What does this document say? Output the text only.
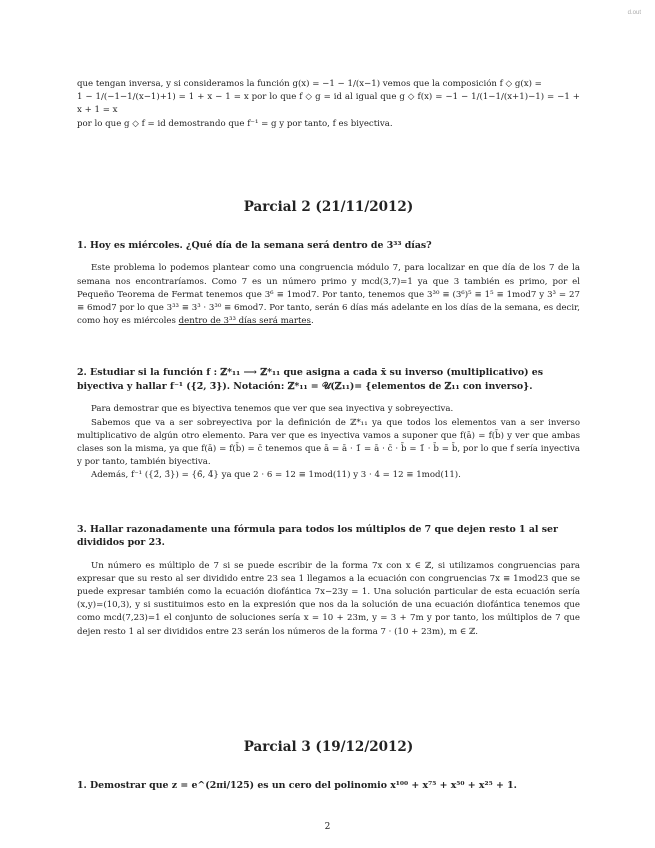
d.out

que tengan inversa, y si consideramos la función g(x) = −1 − 1/(x−1) vemos que la composición f ◇ g(x) =

1 − 1/(−1−1/(x−1)+1) = 1 + x − 1 = x por lo que f ◇ g = id al igual que g ◇ f(x) = −1 − 1/(1−1/(x+1)−1) = −1 + x + 1 = x

por lo que g ◇ f = id demostrando que f⁻¹ = g y por tanto, f es biyectiva.

Parcial 2 (21/11/2012)
1. Hoy es miércoles. ¿Qué día de la semana será dentro de 3³³ días?

Este problema lo podemos plantear como una congruencia módulo 7, para localizar en que día de los 7 de la semana nos encontraríamos. Como 7 es un número primo y mcd(3,7)=1 ya que 3 también es primo, por el Pequeño Teorema de Fermat tenemos que 3⁶ ≡ 1mod7. Por tanto, tenemos que 3³⁰ ≡ (3⁶)⁵ ≡ 1⁵ ≡ 1mod7 y 3³ = 27 ≡ 6mod7 por lo que 3³³ ≡ 3³ · 3³⁰ ≡ 6mod7. Por tanto, serán 6 días más adelante en los días de la semana, es decir, como hoy es miércoles dentro de 3³³ días será martes.

2. Estudiar si la función f : ℤ*₁₁ ⟶ ℤ*₁₁ que asigna a cada x̄ su inverso (multiplicativo) es biyectiva y hallar f⁻¹ ({2̄, 3̄}). Notación: ℤ*₁₁ = 𝒰(ℤ₁₁)= {elementos de ℤ₁₁ con inverso}.

Para demostrar que es biyectiva tenemos que ver que sea inyectiva y sobreyectiva.

Sabemos que va a ser sobreyectiva por la definición de ℤ*₁₁ ya que todos los elementos van a ser inverso multiplicativo de algún otro elemento. Para ver que es inyectiva vamos a suponer que f(ā) = f(b̄) y ver que ambas clases son la misma, ya que f(ā) = f(b̄) = c̄ tenemos que ā = ā · 1̄ = ā · c̄ · b̄ = 1̄ · b̄ = b̄, por lo que f sería inyectiva y por tanto, también biyectiva.

Además, f⁻¹ ({2̄, 3̄}) = {6̄, 4̄} ya que 2 · 6 = 12 ≡ 1mod(11) y 3 · 4 = 12 ≡ 1mod(11).

3. Hallar razonadamente una fórmula para todos los múltiplos de 7 que dejen resto 1 al ser divididos por 23.

Un número es múltiplo de 7 si se puede escribir de la forma 7x con x ∈ ℤ, si utilizamos congruencias para expresar que su resto al ser dividido entre 23 sea 1 llegamos a la ecuación con congruencias 7x ≡ 1mod23 que se puede expresar también como la ecuación diofántica 7x−23y = 1. Una solución particular de esta ecuación sería (x,y)=(10,3), y si sustituimos esto en la expresión que nos da la solución de una ecuación diofántica tenemos que como mcd(7,23)=1 el conjunto de soluciones sería x = 10 + 23m, y = 3 + 7m y por tanto, los múltiplos de 7 que dejen resto 1 al ser divididos entre 23 serán los números de la forma 7 · (10 + 23m), m ∈ ℤ.

Parcial 3 (19/12/2012)
1. Demostrar que z = e^(2πi/125) es un cero del polinomio x¹⁰⁰ + x⁷⁵ + x⁵⁰ + x²⁵ + 1.
2
